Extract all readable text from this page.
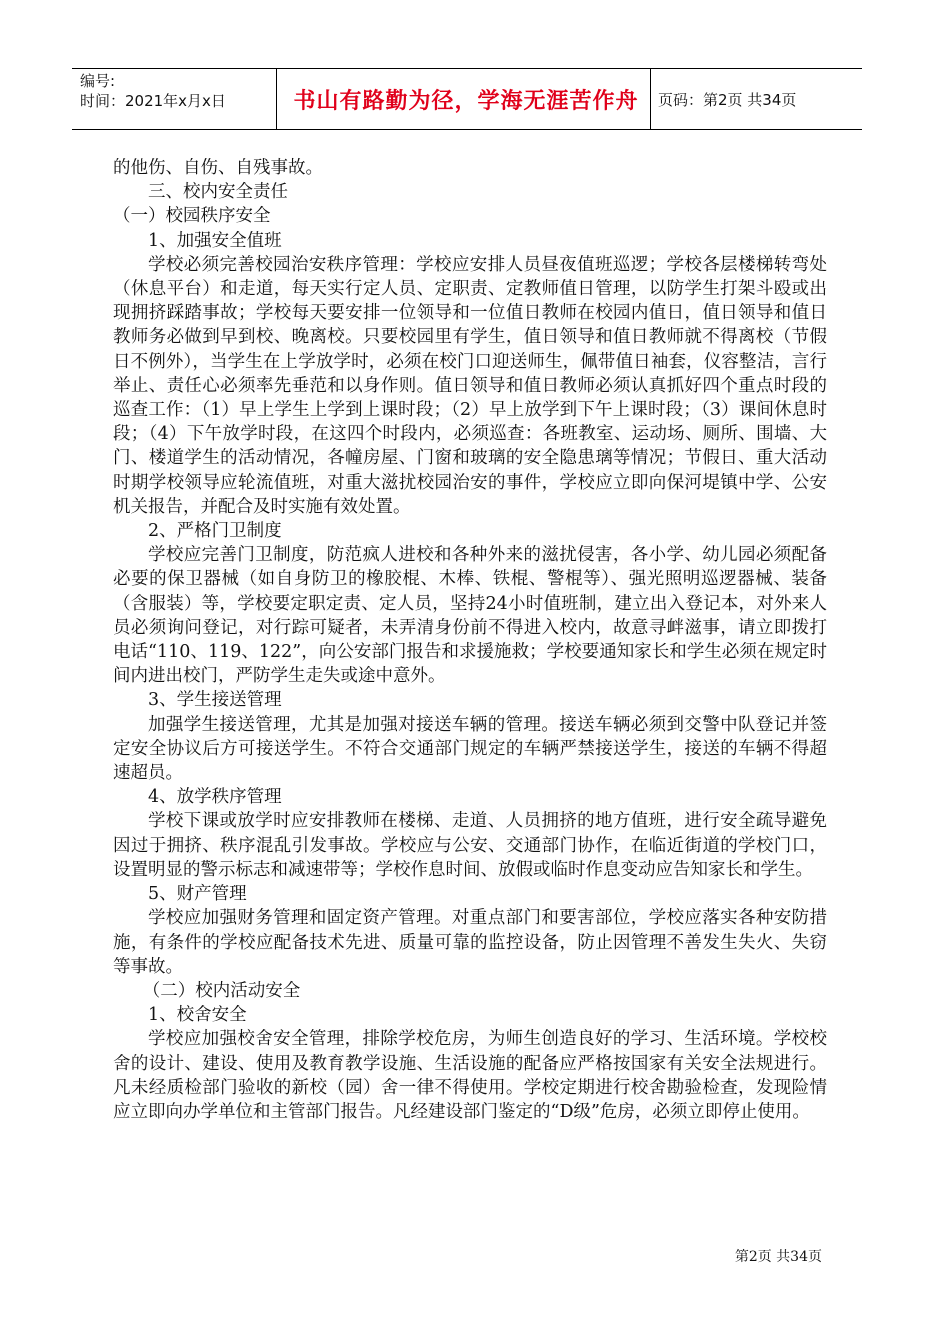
编号:
时间：2021年x月x日	书山有路勤为径，学海无涯苦作舟	页码：第2页 共34页

的他伤、自伤、自残事故。

三、校内安全责任

（一）校园秩序安全

1、加强安全值班

学校必须完善校园治安秩序管理：学校应安排人员昼夜值班巡逻；学校各层楼梯转弯处（休息平台）和走道，每天实行定人员、定职责、定教师值日管理，以防学生打架斗殴或出现拥挤踩踏事故；学校每天要安排一位领导和一位值日教师在校园内值日，值日领导和值日教师务必做到早到校、晚离校。只要校园里有学生，值日领导和值日教师就不得离校（节假日不例外），当学生在上学放学时，必须在校门口迎送师生，佩带值日袖套，仪容整洁，言行举止、责任心必须率先垂范和以身作则。值日领导和值日教师必须认真抓好四个重点时段的巡查工作：（1）早上学生上学到上课时段；（2）早上放学到下午上课时段；（3）课间休息时段；（4）下午放学时段，在这四个时段内，必须巡查：各班教室、运动场、厕所、围墙、大门、楼道学生的活动情况，各幢房屋、门窗和玻璃的安全隐患璃等情况；节假日、重大活动时期学校领导应轮流值班，对重大滋扰校园治安的事件，学校应立即向保河堤镇中学、公安机关报告，并配合及时实施有效处置。

2、严格门卫制度

学校应完善门卫制度，防范疯人进校和各种外来的滋扰侵害，各小学、幼儿园必须配备必要的保卫器械（如自身防卫的橡胶棍、木棒、铁棍、警棍等）、强光照明巡逻器械、装备（含服装）等，学校要定职定责、定人员，坚持24小时值班制，建立出入登记本，对外来人员必须询问登记，对行踪可疑者，未弄清身份前不得进入校内，故意寻衅滋事，请立即拨打电话“110、119、122”，向公安部门报告和求援施救；学校要通知家长和学生必须在规定时间内进出校门，严防学生走失或途中意外。

3、学生接送管理

加强学生接送管理，尤其是加强对接送车辆的管理。接送车辆必须到交警中队登记并签定安全协议后方可接送学生。不符合交通部门规定的车辆严禁接送学生，接送的车辆不得超速超员。

4、放学秩序管理

学校下课或放学时应安排教师在楼梯、走道、人员拥挤的地方值班，进行安全疏导避免因过于拥挤、秩序混乱引发事故。学校应与公安、交通部门协作，在临近街道的学校门口，设置明显的警示标志和减速带等；学校作息时间、放假或临时作息变动应告知家长和学生。

5、财产管理

学校应加强财务管理和固定资产管理。对重点部门和要害部位，学校应落实各种安防措施，有条件的学校应配备技术先进、质量可靠的监控设备，防止因管理不善发生失火、失窃等事故。

（二）校内活动安全

1、校舍安全

学校应加强校舍安全管理，排除学校危房，为师生创造良好的学习、生活环境。学校校舍的设计、建设、使用及教育教学设施、生活设施的配备应严格按国家有关安全法规进行。凡未经质检部门验收的新校（园）舍一律不得使用。学校定期进行校舍勘验检查，发现险情应立即向办学单位和主管部门报告。凡经建设部门鉴定的“D级”危房，必须立即停止使用。

第2页 共34页
